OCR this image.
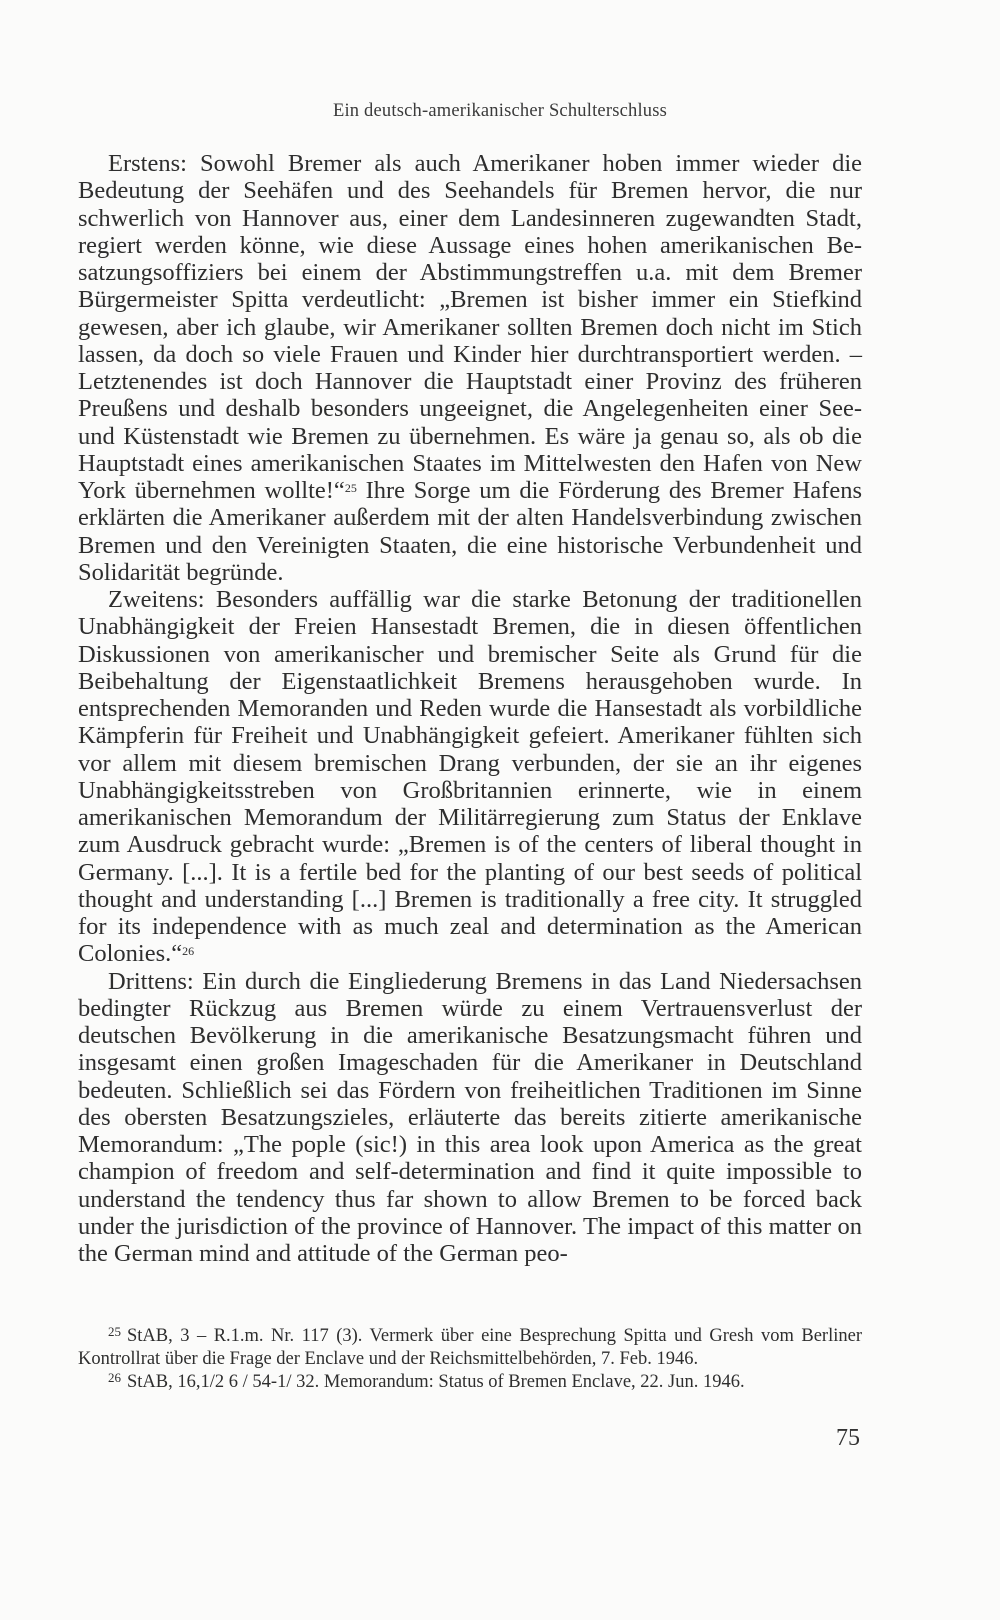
Ein deutsch-amerikanischer Schulterschluss

Erstens: Sowohl Bremer als auch Amerikaner hoben immer wieder die Bedeutung der Seehäfen und des Seehandels für Bremen hervor, die nur schwerlich von Hannover aus, einer dem Landesinneren zugewandten Stadt, regiert werden könne, wie diese Aussage eines hohen amerikanischen Besatzungsoffiziers bei einem der Abstimmungstreffen u.a. mit dem Bremer Bürgermeister Spitta verdeutlicht: „Bremen ist bisher immer ein Stiefkind gewesen, aber ich glaube, wir Amerikaner sollten Bremen doch nicht im Stich lassen, da doch so viele Frauen und Kinder hier durchtransportiert werden. – Letztenendes ist doch Hannover die Hauptstadt einer Provinz des früheren Preußens und deshalb besonders ungeeignet, die Angelegenheiten einer See- und Küstenstadt wie Bremen zu übernehmen. Es wäre ja genau so, als ob die Hauptstadt eines amerikanischen Staates im Mittelwesten den Hafen von New York übernehmen wollte!“$^{25}$ Ihre Sorge um die Förderung des Bremer Hafens erklärten die Amerikaner außerdem mit der alten Handelsverbindung zwischen Bremen und den Vereinigten Staaten, die eine historische Verbundenheit und Solidarität begründe.

Zweitens: Besonders auffällig war die starke Betonung der traditionellen Unabhängigkeit der Freien Hansestadt Bremen, die in diesen öffentlichen Diskussionen von amerikanischer und bremischer Seite als Grund für die Beibehaltung der Eigenstaatlichkeit Bremens herausgehoben wurde. In entsprechenden Memoranden und Reden wurde die Hansestadt als vorbildliche Kämpferin für Freiheit und Unabhängigkeit gefeiert. Amerikaner fühlten sich vor allem mit diesem bremischen Drang verbunden, der sie an ihr eigenes Unabhängigkeitsstreben von Großbritannien erinnerte, wie in einem amerikanischen Memorandum der Militärregierung zum Status der Enklave zum Ausdruck gebracht wurde: „Bremen is of the centers of liberal thought in Germany. [...]. It is a fertile bed for the planting of our best seeds of political thought and understanding [...] Bremen is traditionally a free city. It struggled for its independence with as much zeal and determination as the American Colonies.“$^{26}$

Drittens: Ein durch die Eingliederung Bremens in das Land Niedersachsen bedingter Rückzug aus Bremen würde zu einem Vertrauensverlust der deutschen Bevölkerung in die amerikanische Besatzungsmacht führen und insgesamt einen großen Imageschaden für die Amerikaner in Deutschland bedeuten. Schließlich sei das Fördern von freiheitlichen Traditionen im Sinne des obersten Besatzungszieles, erläuterte das bereits zitierte amerikanische Memorandum: „The pople (sic!) in this area look upon America as the great champion of freedom and self-determination and find it quite impossible to understand the tendency thus far shown to allow Bremen to be forced back under the jurisdiction of the province of Hannover. The impact of this matter on the German mind and attitude of the German peo-

$^{25}$ StAB, 3 – R.1.m. Nr. 117 (3). Vermerk über eine Besprechung Spitta und Gresh vom Berliner Kontrollrat über die Frage der Enclave und der Reichsmittelbehörden, 7. Feb. 1946.

$^{26}$ StAB, 16,1/2 6 / 54-1/ 32. Memorandum: Status of Bremen Enclave, 22. Jun. 1946.

75
